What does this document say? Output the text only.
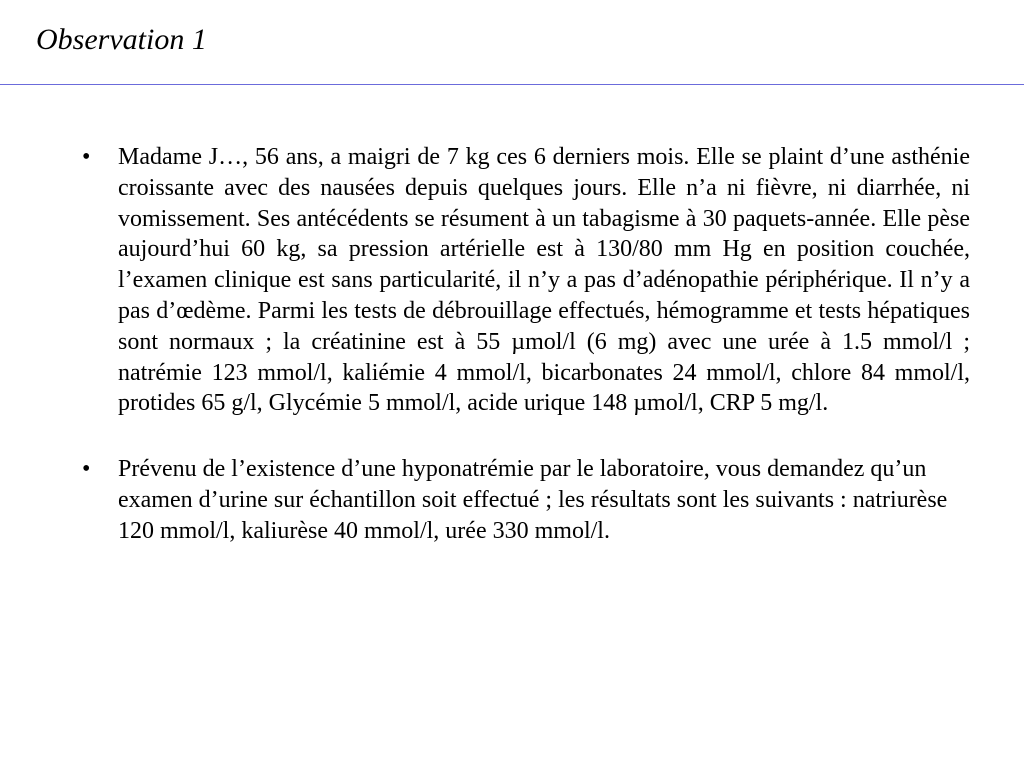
Observation 1
•	Madame J…, 56 ans, a maigri de 7 kg ces 6 derniers mois. Elle se plaint d’une asthénie croissante avec des nausées depuis quelques jours. Elle n’a ni fièvre, ni diarrhée, ni vomissement. Ses antécédents se résument à un tabagisme à 30 paquets-année. Elle pèse aujourd’hui 60 kg, sa pression artérielle est à 130/80 mm Hg en position couchée, l’examen clinique est sans particularité, il n’y a pas d’adénopathie périphérique. Il n’y a pas d’œdème. Parmi les tests de débrouillage effectués, hémogramme et tests hépatiques sont normaux ; la créatinine est à 55 µmol/l (6 mg) avec une urée à 1.5 mmol/l ; natrémie 123 mmol/l, kaliémie 4 mmol/l, bicarbonates 24 mmol/l, chlore 84 mmol/l, protides 65 g/l, Glycémie 5 mmol/l, acide urique 148 µmol/l, CRP 5 mg/l.
•	Prévenu de l’existence d’une hyponatrémie par le laboratoire, vous demandez qu’un examen d’urine sur échantillon soit effectué ; les résultats sont les suivants : natriurèse 120 mmol/l, kaliurèse 40 mmol/l, urée 330 mmol/l.
